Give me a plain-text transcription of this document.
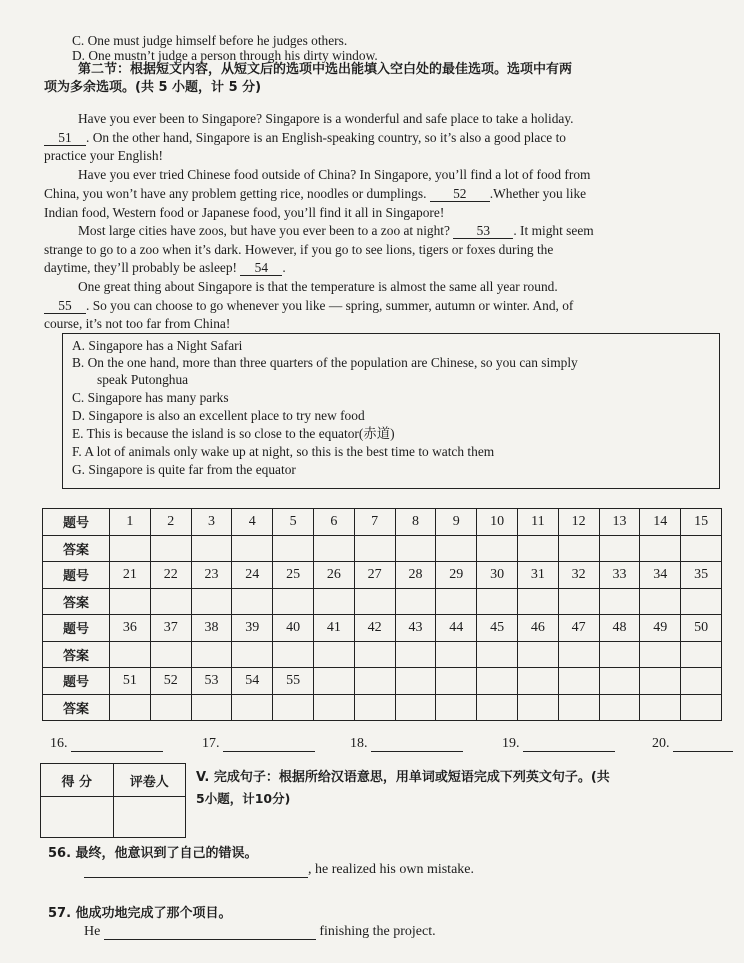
C. One must judge himself before he judges others.
D. One mustn’t judge a person through his dirty window.
第二节：根据短文内容，从短文后的选项中选出能填入空白处的最佳选项。选项中有两
项为多余选项。(共 5 小题，计 5 分)
Have you ever been to Singapore? Singapore is a wonderful and safe place to take a holiday.
51 . On the other hand, Singapore is an English-speaking country, so it’s also a good place to
practice your English!
Have you ever tried Chinese food outside of China? In Singapore, you’ll find a lot of food from
China, you won’t have any problem getting rice, noodles or dumplings. 52 .Whether you like
Indian food, Western food or Japanese food, you’ll find it all in Singapore!
Most large cities have zoos, but have you ever been to a zoo at night? 53 . It might seem
strange to go to a zoo when it’s dark. However, if you go to see lions, tigers or foxes during the
daytime, they’ll probably be asleep! 54 .
One great thing about Singapore is that the temperature is almost the same all year round.
55 . So you can choose to go whenever you like — spring, summer, autumn or winter. And, of
course, it’s not too far from China!
A. Singapore has a Night Safari
B. On the one hand, more than three quarters of the population are Chinese, so you can simply
speak Putonghua
C. Singapore has many parks
D. Singapore is also an excellent place to try new food
E. This is because the island is so close to the equator(赤道)
F. A lot of animals only wake up at night, so this is the best time to watch them
G. Singapore is quite far from the equator
题号	1	2	3	4	5	6	7	8	9	10	11	12	13	14	15
答案															
题号	21	22	23	24	25	26	27	28	29	30	31	32	33	34	35
答案															
题号	36	37	38	39	40	41	42	43	44	45	46	47	48	49	50
答案															
题号	51	52	53	54	55										
答案															
16.	17.	18.	19.	20.
得 分	评卷人
	V. 完成句子：根据所给汉语意思，用单词或短语完成下列英文句子。(共
5小题，计10分)
56. 最终，他意识到了自己的错误。
, he realized his own mistake.
57. 他成功地完成了那个项目。
He	finishing the project.
